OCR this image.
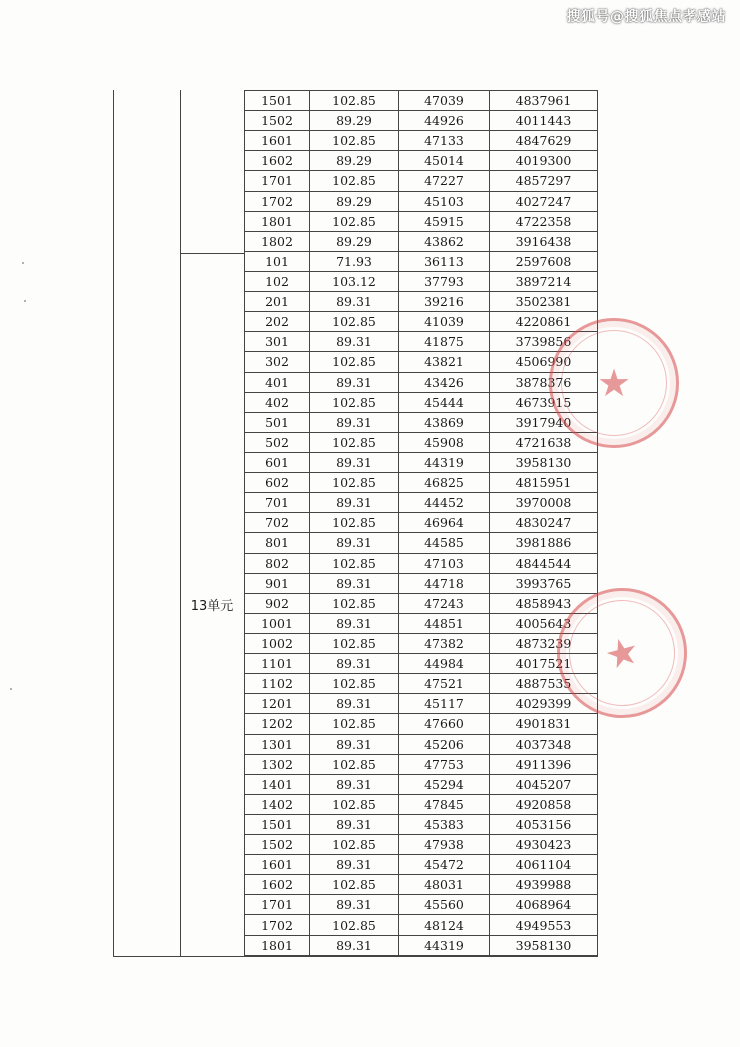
搜狐号@搜狐焦点孝感站
13单元
1501	102.85	47039	4837961
1502	89.29	44926	4011443
1601	102.85	47133	4847629
1602	89.29	45014	4019300
1701	102.85	47227	4857297
1702	89.29	45103	4027247
1801	102.85	45915	4722358
1802	89.29	43862	3916438
101	71.93	36113	2597608
102	103.12	37793	3897214
201	89.31	39216	3502381
202	102.85	41039	4220861
301	89.31	41875	3739856
302	102.85	43821	4506990
401	89.31	43426	3878376
402	102.85	45444	4673915
501	89.31	43869	3917940
502	102.85	45908	4721638
601	89.31	44319	3958130
602	102.85	46825	4815951
701	89.31	44452	3970008
702	102.85	46964	4830247
801	89.31	44585	3981886
802	102.85	47103	4844544
901	89.31	44718	3993765
902	102.85	47243	4858943
1001	89.31	44851	4005643
1002	102.85	47382	4873239
1101	89.31	44984	4017521
1102	102.85	47521	4887535
1201	89.31	45117	4029399
1202	102.85	47660	4901831
1301	89.31	45206	4037348
1302	102.85	47753	4911396
1401	89.31	45294	4045207
1402	102.85	47845	4920858
1501	89.31	45383	4053156
1502	102.85	47938	4930423
1601	89.31	45472	4061104
1602	102.85	48031	4939988
1701	89.31	45560	4068964
1702	102.85	48124	4949553
1801	89.31	44319	3958130
★
★
